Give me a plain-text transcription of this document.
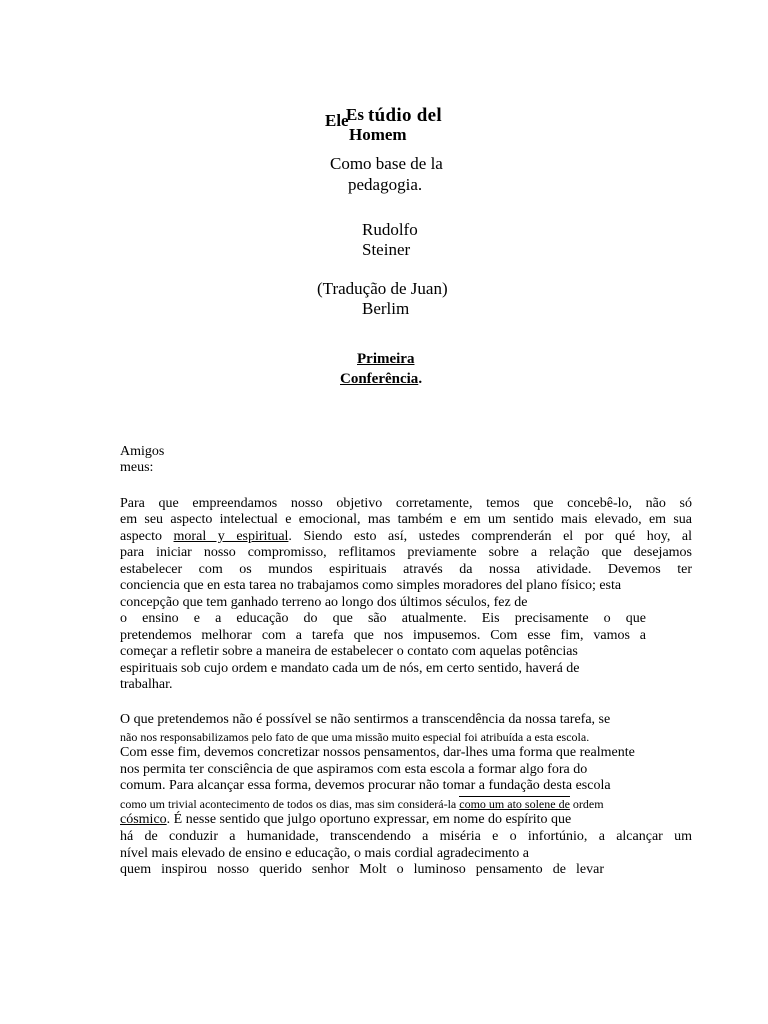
Ele
Es túdio del
Homem
Como base de la
pedagogia.
Rudolfo
Steiner
(Tradução de Juan)
Berlim
Primeira
Conferência.
Amigos
meus:
Para que empreendamos nosso objetivo corretamente, temos que concebê-lo, não só
em seu aspecto intelectual e emocional, mas também e em um sentido mais elevado, em sua
aspecto moral y espiritual. Siendo esto así, ustedes comprenderán el por qué hoy, al
para iniciar nosso compromisso, reflitamos previamente sobre a relação que desejamos
estabelecer com os mundos espirituais através da nossa atividade. Devemos ter
conciencia que en esta tarea no trabajamos como simples moradores del plano físico; esta
concepção que tem ganhado terreno ao longo dos últimos séculos, fez de
o ensino e a educação do que são atualmente. Eis precisamente o que
pretendemos melhorar com a tarefa que nos impusemos. Com esse fim, vamos a
começar a refletir sobre a maneira de estabelecer o contato com aquelas potências
espirituais sob cujo ordem e mandato cada um de nós, em certo sentido, haverá de
trabalhar.
O que pretendemos não é possível se não sentirmos a transcendência da nossa tarefa, se
não nos responsabilizamos pelo fato de que uma missão muito especial foi atribuída a esta escola.
Com esse fim, devemos concretizar nossos pensamentos, dar-lhes uma forma que realmente
nos permita ter consciência de que aspiramos com esta escola a formar algo fora do
comum. Para alcançar essa forma, devemos procurar não tomar a fundação desta escola
como um trivial acontecimento de todos os dias, mas sim considerá-la como um ato solene de ordem
cósmico. É nesse sentido que julgo oportuno expressar, em nome do espírito que
há de conduzir a humanidade, transcendendo a miséria e o infortúnio, a alcançar um
nível mais elevado de ensino e educação, o mais cordial agradecimento a
quem inspirou nosso querido senhor Molt o luminoso pensamento de levar
